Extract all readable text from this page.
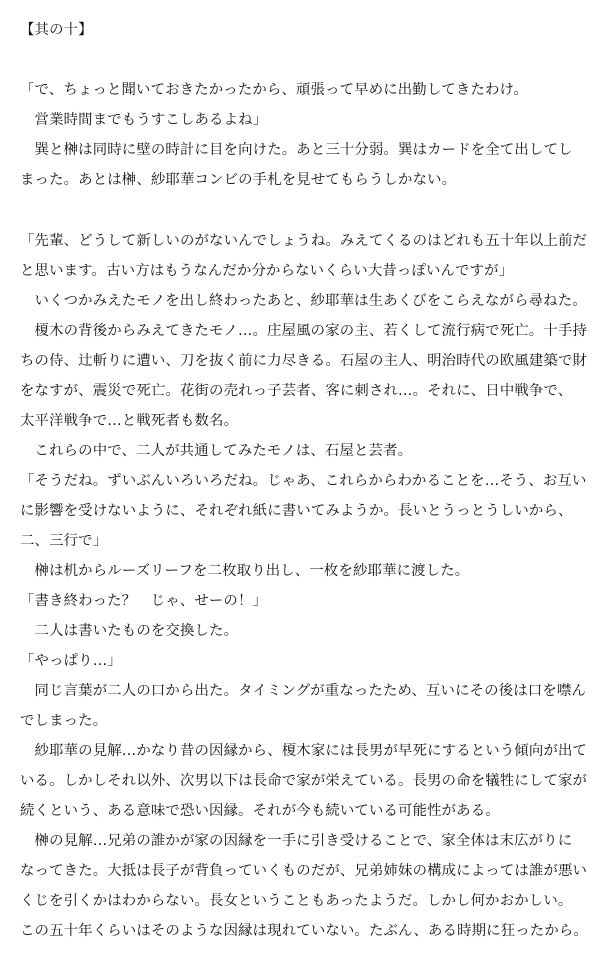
【其の十】
「で、ちょっと聞いておきたかったから、頑張って早めに出勤してきたわけ。
　営業時間までもうすこしあるよね」
　巽と榊は同時に壁の時計に目を向けた。あと三十分弱。巽はカードを全て出してし
まった。あとは榊、紗耶華コンビの手札を見せてもらうしかない。
「先輩、どうして新しいのがないんでしょうね。みえてくるのはどれも五十年以上前だ
と思います。古い方はもうなんだか分からないくらい大昔っぽいんですが」
　いくつかみえたモノを出し終わったあと、紗耶華は生あくびをこらえながら尋ねた。
　榎木の背後からみえてきたモノ…。庄屋風の家の主、若くして流行病で死亡。十手持
ちの侍、辻斬りに遭い、刀を抜く前に力尽きる。石屋の主人、明治時代の欧風建築で財
をなすが、震災で死亡。花街の売れっ子芸者、客に刺され…。それに、日中戦争で、
太平洋戦争で…と戦死者も数名。
　これらの中で、二人が共通してみたモノは、石屋と芸者。
「そうだね。ずいぶんいろいろだね。じゃあ、これらからわかることを…そう、お互い
に影響を受けないように、それぞれ紙に書いてみようか。長いとうっとうしいから、
二、三行で」
　榊は机からルーズリーフを二枚取り出し、一枚を紗耶華に渡した。
「書き終わった？　じゃ、せーの！」
　二人は書いたものを交換した。
「やっぱり…」
　同じ言葉が二人の口から出た。タイミングが重なったため、互いにその後は口を噤ん
でしまった。
　紗耶華の見解…かなり昔の因縁から、榎木家には長男が早死にするという傾向が出て
いる。しかしそれ以外、次男以下は長命で家が栄えている。長男の命を犠牲にして家が
続くという、ある意味で恐い因縁。それが今も続いている可能性がある。
　榊の見解…兄弟の誰かが家の因縁を一手に引き受けることで、家全体は末広がりに
なってきた。大抵は長子が背負っていくものだが、兄弟姉妹の構成によっては誰が悪い
くじを引くかはわからない。長女ということもあったようだ。しかし何かおかしい。
この五十年くらいはそのような因縁は現れていない。たぶん、ある時期に狂ったから。
